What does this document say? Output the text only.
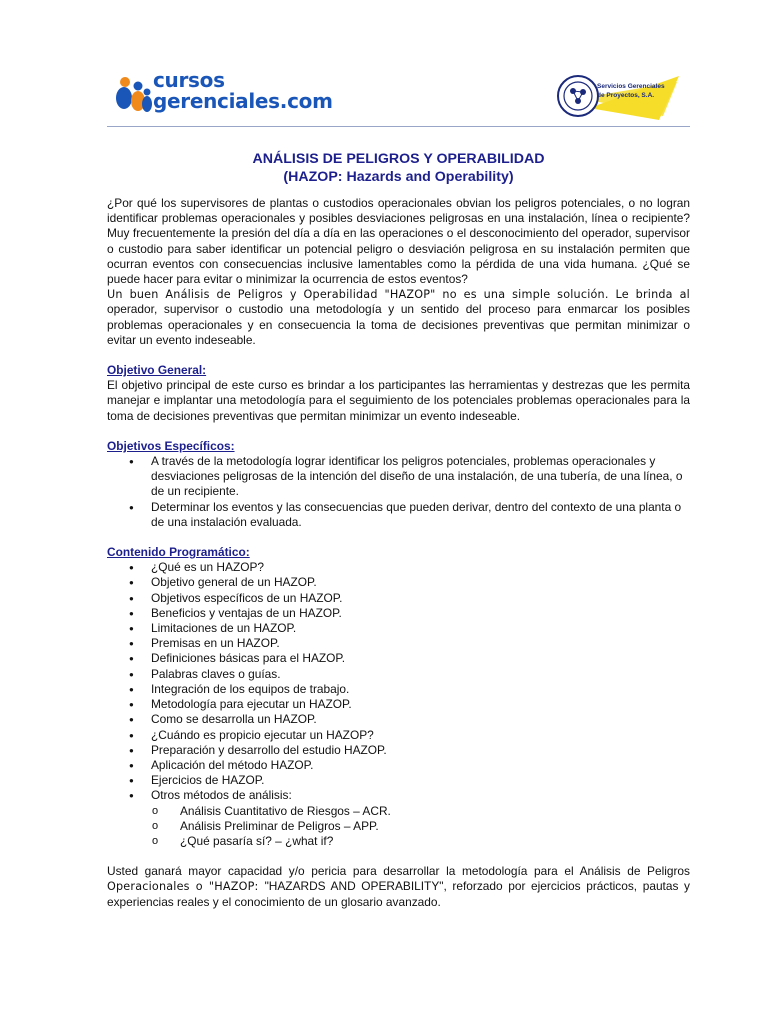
cursos
gerenciales.com
Servicios Gerenciales
de Proyectos, S.A.
ANÁLISIS DE PELIGROS Y OPERABILIDAD
(HAZOP: Hazards and Operability)

¿Por qué los supervisores de plantas o custodios operacionales obvian los peligros potenciales, o no logran identificar problemas operacionales y posibles desviaciones peligrosas en una instalación, línea o recipiente? Muy frecuentemente la presión del día a día en las operaciones o el desconocimiento del operador, supervisor o custodio para saber identificar un potencial peligro o desviación peligrosa en su instalación permiten que ocurran eventos con consecuencias inclusive lamentables como la pérdida de una vida humana. ¿Qué se puede hacer para evitar o minimizar la ocurrencia de estos eventos?

Un buen Análisis de Peligros y Operabilidad "HAZOP" no es una simple solución. Le brinda al operador, supervisor o custodio una metodología y un sentido del proceso para enmarcar los posibles problemas operacionales y en consecuencia la toma de decisiones preventivas que permitan minimizar o evitar un evento indeseable.

Objetivo General:

El objetivo principal de este curso es brindar a los participantes las herramientas y destrezas que les permita manejar e implantar una metodología para el seguimiento de los potenciales problemas operacionales para la toma de decisiones preventivas que permitan minimizar un evento indeseable.

Objetivos Específicos:

● A través de la metodología lograr identificar los peligros potenciales, problemas operacionales y desviaciones peligrosas de la intención del diseño de una instalación, de una tubería, de una línea, o de un recipiente.
● Determinar los eventos y las consecuencias que pueden derivar, dentro del contexto de una planta o de una instalación evaluada.

Contenido Programático:

● ¿Qué es un HAZOP?
● Objetivo general de un HAZOP.
● Objetivos específicos de un HAZOP.
● Beneficios y ventajas de un HAZOP.
● Limitaciones de un HAZOP.
● Premisas en un HAZOP.
● Definiciones básicas para el HAZOP.
● Palabras claves o guías.
● Integración de los equipos de trabajo.
● Metodología para ejecutar un HAZOP.
● Como se desarrolla un HAZOP.
● ¿Cuándo es propicio ejecutar un HAZOP?
● Preparación y desarrollo del estudio HAZOP.
● Aplicación del método HAZOP.
● Ejercicios de HAZOP.
● Otros métodos de análisis:
o Análisis Cuantitativo de Riesgos – ACR.
o Análisis Preliminar de Peligros – APP.
o ¿Qué pasaría sí? – ¿what if?

Usted ganará mayor capacidad y/o pericia para desarrollar la metodología para el Análisis de Peligros Operacionales o "HAZOP: "HAZARDS AND OPERABILITY", reforzado por ejercicios prácticos, pautas y experiencias reales y el conocimiento de un glosario avanzado.
